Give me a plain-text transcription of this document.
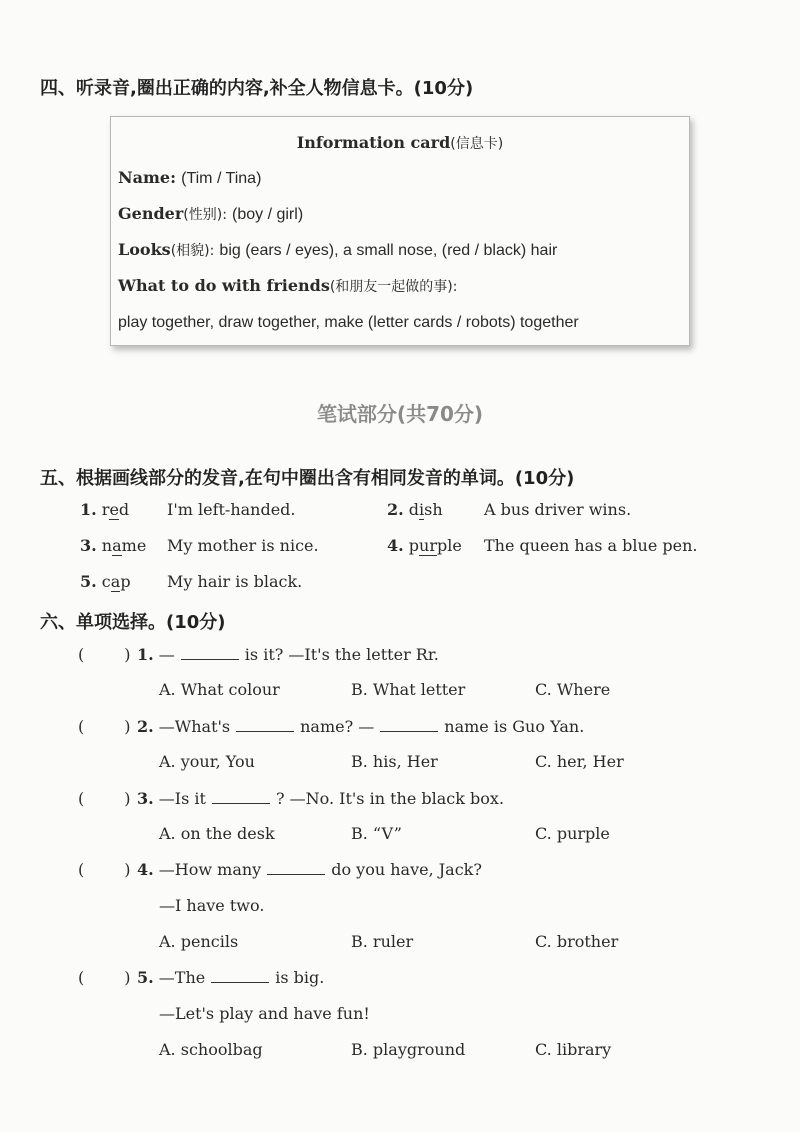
四、听录音,圈出正确的内容,补全人物信息卡。(10分)
Information card(信息卡)
Name: (Tim / Tina)
Gender(性别): (boy / girl)
Looks(相貌): big (ears / eyes), a small nose, (red / black) hair
What to do with friends(和朋友一起做的事):
play together, draw together, make (letter cards / robots) together
笔试部分(共70分)
五、根据画线部分的发音,在句中圈出含有相同发音的单词。(10分)
1. red I'm left-handed.	2. dish	A bus driver wins.
3. name My mother is nice.	4. purple The queen has a blue pen.
5. cap My hair is black.
六、单项选择。(10分)
(	) 1. —	is it? —It's the letter Rr.
A. What colour	B. What letter	C. Where
(	) 2. —What's	name? —	name is Guo Yan.
A. your, You	B. his, Her	C. her, Her
(	) 3. —Is it	? —No. It's in the black box.
A. on the desk	B. “V”	C. purple
(	) 4. —How many	do you have, Jack?
—I have two.
A. pencils	B. ruler	C. brother
(	) 5. —The	is big.
—Let's play and have fun!
A. schoolbag	B. playground	C. library
